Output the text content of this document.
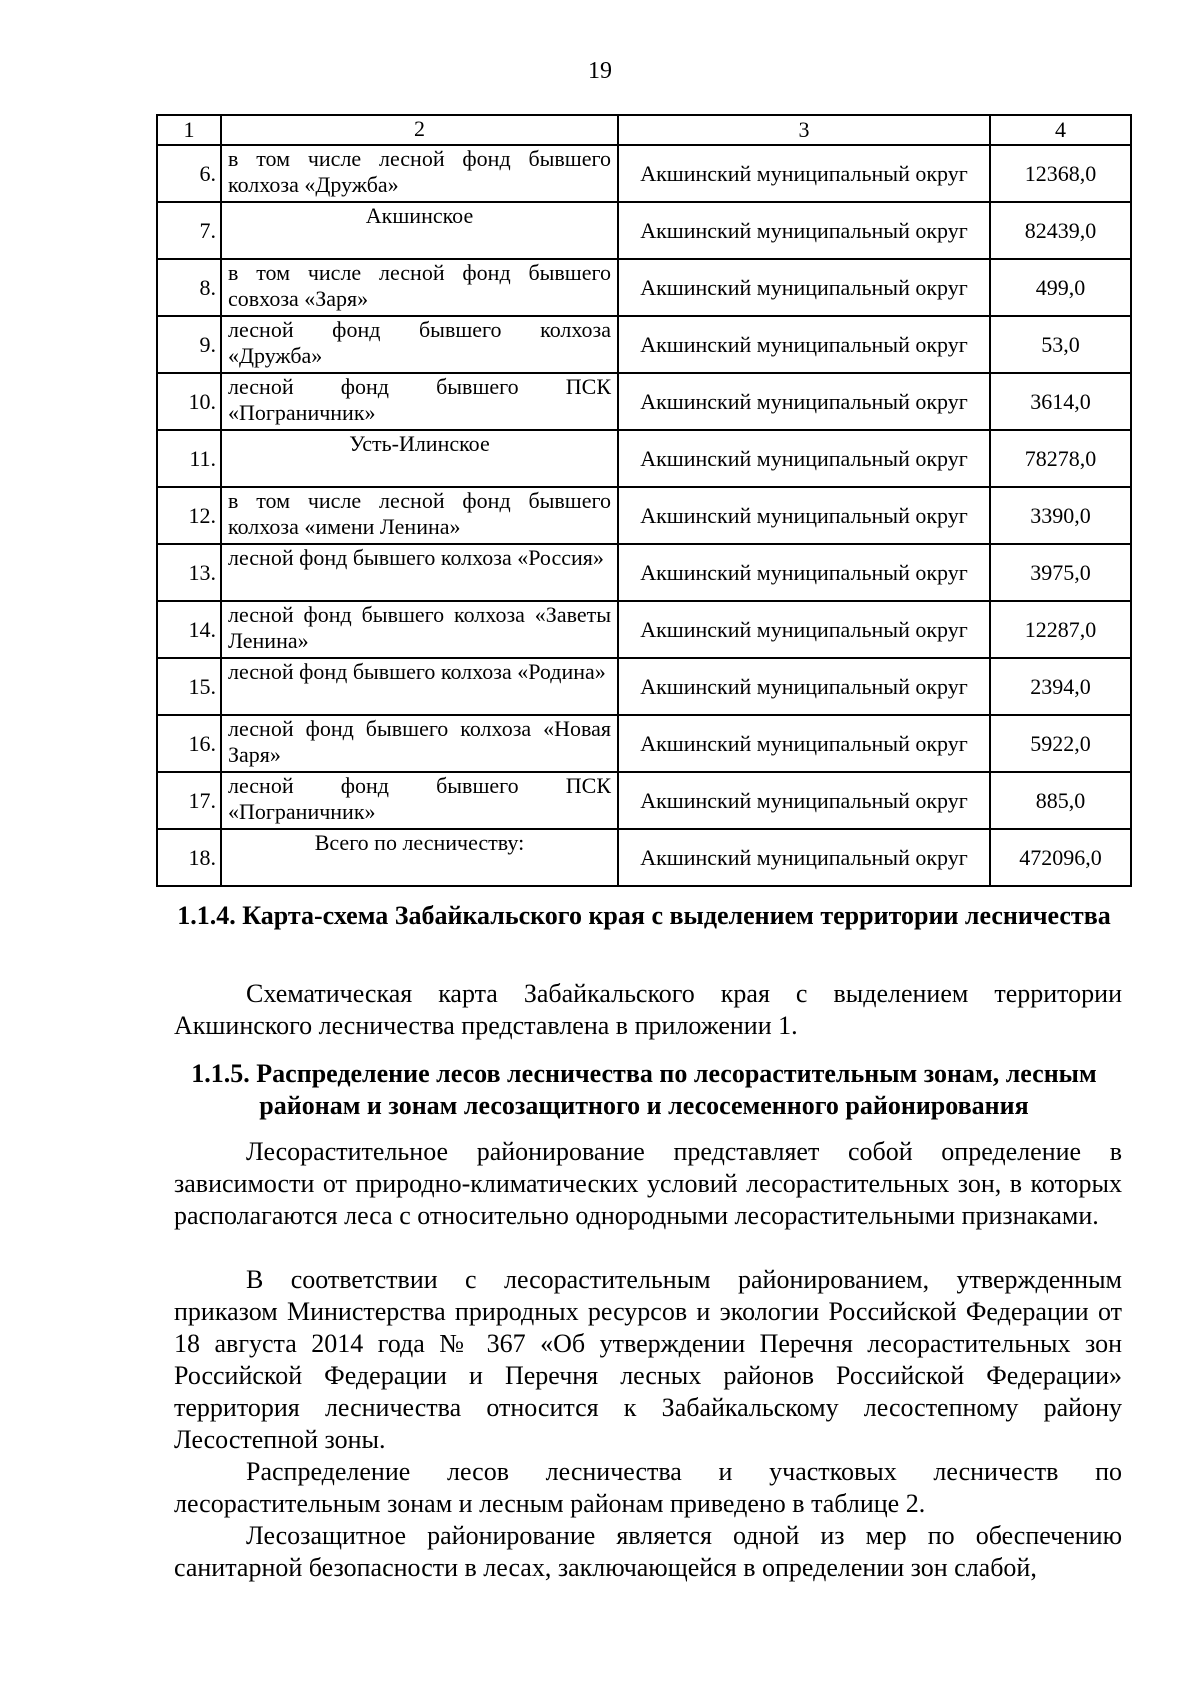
19
1	2	3	4
6.	в том числе лесной фонд бывшего колхоза «Дружба»	Акшинский муниципальный округ	12368,0
7.	Акшинское	Акшинский муниципальный округ	82439,0
8.	в том числе лесной фонд бывшего совхоза «Заря»	Акшинский муниципальный округ	499,0
9.	лесной фонд бывшего колхоза «Дружба»	Акшинский муниципальный округ	53,0
10.	лесной фонд бывшего ПСК «Пограничник»	Акшинский муниципальный округ	3614,0
11.	Усть-Илинское	Акшинский муниципальный округ	78278,0
12.	в том числе лесной фонд бывшего колхоза «имени Ленина»	Акшинский муниципальный округ	3390,0
13.	лесной фонд бывшего колхоза «Россия»	Акшинский муниципальный округ	3975,0
14.	лесной фонд бывшего колхоза «Заветы Ленина»	Акшинский муниципальный округ	12287,0
15.	лесной фонд бывшего колхоза «Родина»	Акшинский муниципальный округ	2394,0
16.	лесной фонд бывшего колхоза «Новая Заря»	Акшинский муниципальный округ	5922,0
17.	лесной фонд бывшего ПСК «Пограничник»	Акшинский муниципальный округ	885,0
18.	Всего по лесничеству:	Акшинский муниципальный округ	472096,0
1.1.4. Карта-схема Забайкальского края с выделением территории лесничества
Схематическая карта Забайкальского края с выделением территории Акшинского лесничества представлена в приложении 1.
1.1.5. Распределение лесов лесничества по лесорастительным зонам, лесным районам и зонам лесозащитного и лесосеменного районирования
Лесорастительное районирование представляет собой определение в зависимости от природно-климатических условий лесорастительных зон, в которых располагаются леса с относительно однородными лесорастительными признаками.
В соответствии с лесорастительным районированием, утвержденным приказом Министерства природных ресурсов и экологии Российской Федерации от 18 августа 2014 года № 367 «Об утверждении Перечня лесорастительных зон Российской Федерации и Перечня лесных районов Российской Федерации» территория лесничества относится к Забайкальскому лесостепному району Лесостепной зоны.
Распределение лесов лесничества и участковых лесничеств по лесорастительным зонам и лесным районам приведено в таблице 2.
Лесозащитное районирование является одной из мер по обеспечению санитарной безопасности в лесах, заключающейся в определении зон слабой,
